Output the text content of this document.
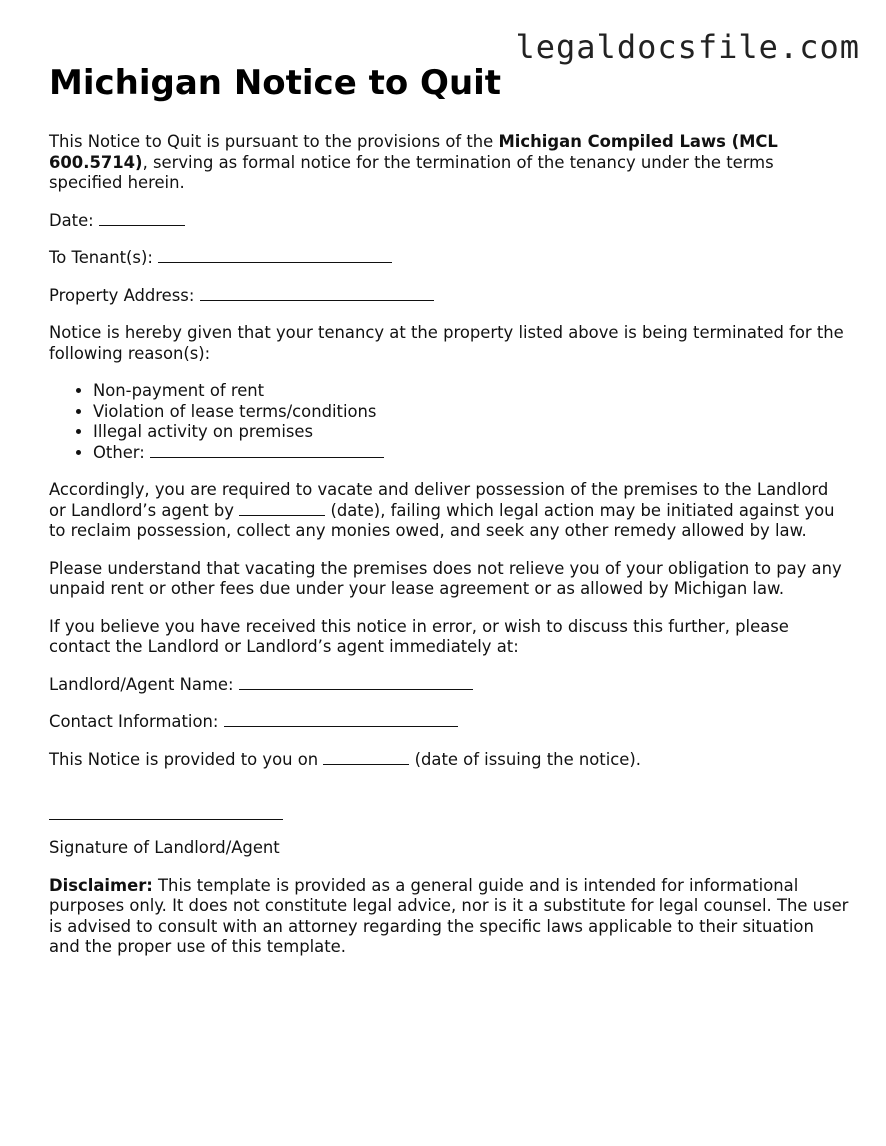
legaldocsfile.com
Michigan Notice to Quit

This Notice to Quit is pursuant to the provisions of the Michigan Compiled Laws (MCL 600.5714), serving as formal notice for the termination of the tenancy under the terms specified herein.

Date:

To Tenant(s):

Property Address:

Notice is hereby given that your tenancy at the property listed above is being terminated for the following reason(s):

• Non-payment of rent
• Violation of lease terms/conditions
• Illegal activity on premises
• Other:

Accordingly, you are required to vacate and deliver possession of the premises to the Landlord or Landlord’s agent by	(date), failing which legal action may be initiated against you to reclaim possession, collect any monies owed, and seek any other remedy allowed by law.

Please understand that vacating the premises does not relieve you of your obligation to pay any unpaid rent or other fees due under your lease agreement or as allowed by Michigan law.

If you believe you have received this notice in error, or wish to discuss this further, please contact the Landlord or Landlord’s agent immediately at:

Landlord/Agent Name:

Contact Information:

This Notice is provided to you on	(date of issuing the notice).

Signature of Landlord/Agent

Disclaimer: This template is provided as a general guide and is intended for informational purposes only. It does not constitute legal advice, nor is it a substitute for legal counsel. The user is advised to consult with an attorney regarding the specific laws applicable to their situation and the proper use of this template.
